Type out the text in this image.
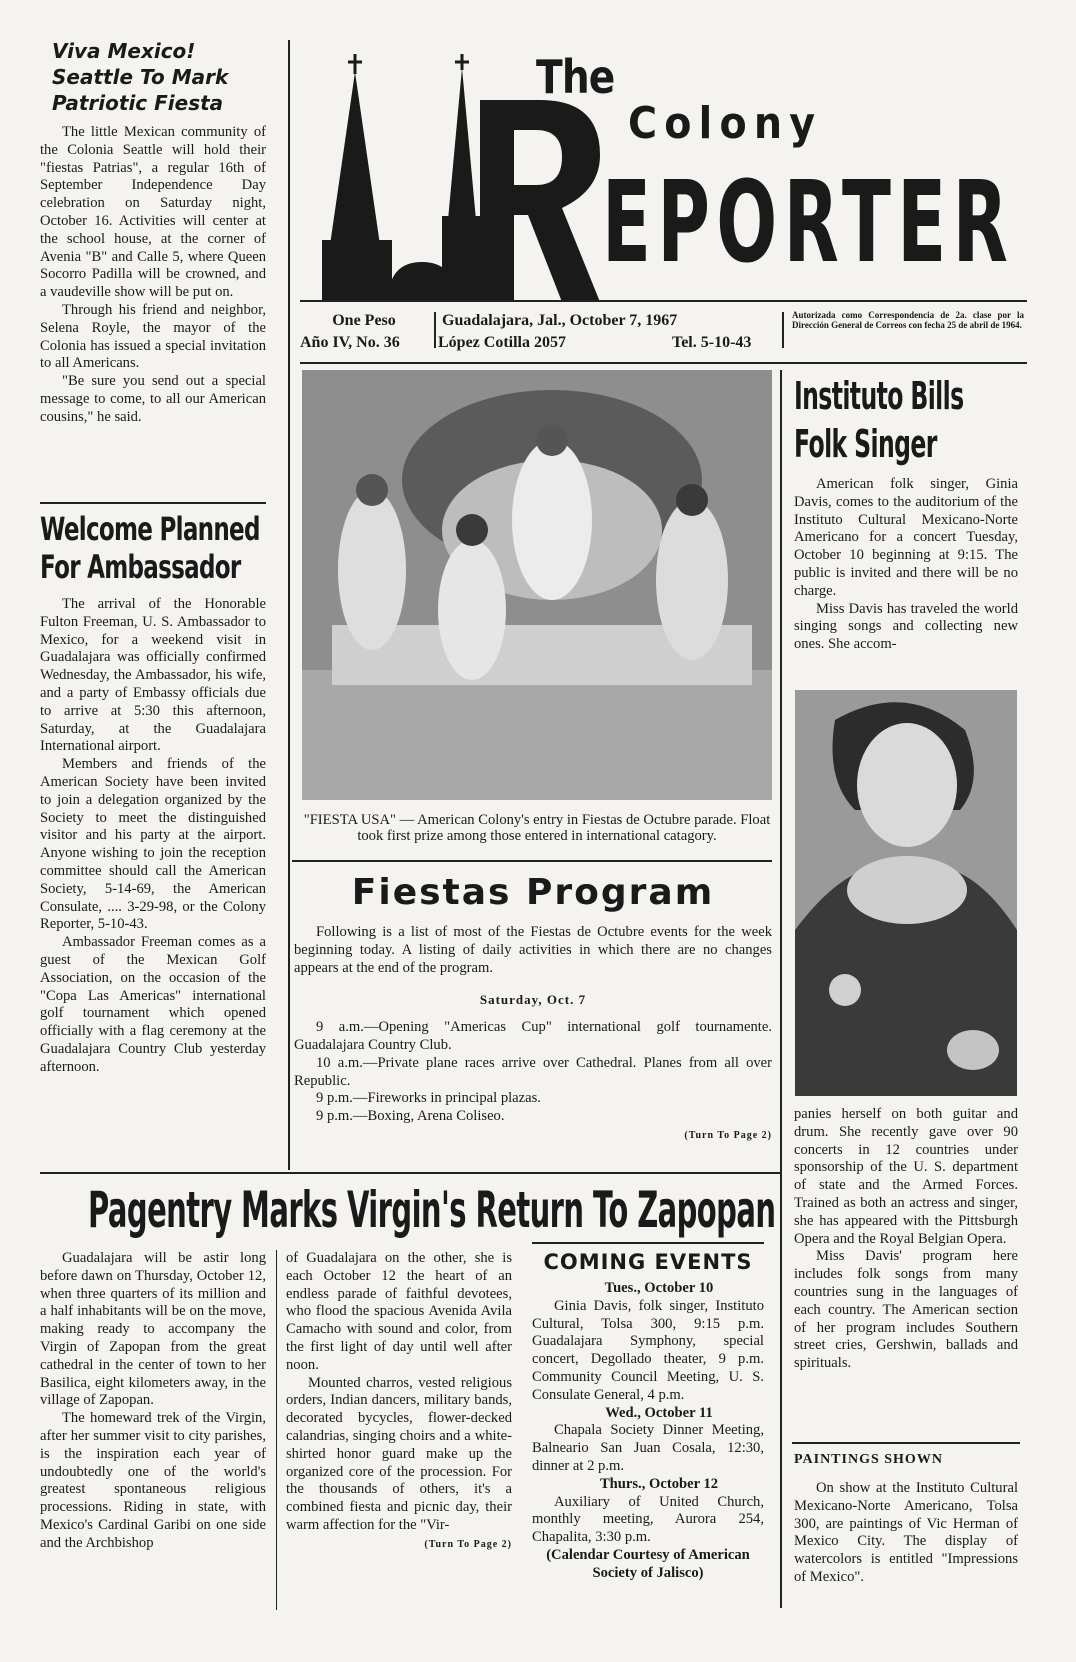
Viva Mexico! Seattle To Mark Patriotic Fiesta

The little Mexican community of the Colonia Seattle will hold their "fiestas Patrias", a regular 16th of September Independence Day celebration on Saturday night, October 16. Activities will center at the school house, at the corner of Avenia "B" and Calle 5, where Queen Socorro Padilla will be crowned, and a vaudeville show will be put on.

Through his friend and neighbor, Selena Royle, the mayor of the Colonia has issued a special invitation to all Americans.

"Be sure you send out a special message to come, to all our American cousins," he said.

Welcome Planned
For Ambassador

The arrival of the Honorable Fulton Freeman, U. S. Ambassador to Mexico, for a weekend visit in Guadalajara was officially confirmed Wednesday, the Ambassador, his wife, and a party of Embassy officials due to arrive at 5:30 this afternoon, Saturday, at the Guadalajara International airport.

Members and friends of the American Society have been invited to join a delegation organized by the Society to meet the distinguished visitor and his party at the airport. Anyone wishing to join the reception committee should call the American Society, 5-14-69, the American Consulate, .... 3-29-98, or the Colony Reporter, 5-10-43.

Ambassador Freeman comes as a guest of the Mexican Golf Association, on the occasion of the "Copa Las Americas" international golf tournament which opened officially with a flag ceremony at the Guadalajara Country Club yesterday afternoon.

The
Colony
EPORTER
One Peso
Año IV, No. 36
Guadalajara, Jal., October 7, 1967
López Cotilla 2057	Tel. 5-10-43
Autorizada como Correspondencia de 2a. clase por la Dirección General de Correos con fecha 25 de abril de 1964.

"FIESTA USA" — American Colony's entry in Fiestas de Octubre parade. Float took first prize among those entered in international catagory.

Fiestas Program

Following is a list of most of the Fiestas de Octubre events for the week beginning today. A listing of daily activities in which there are no changes appears at the end of the program.

Saturday, Oct. 7

9 a.m.—Opening "Americas Cup" international golf tournamente. Guadalajara Country Club.

10 a.m.—Private plane races arrive over Cathedral. Planes from all over Republic.

9 p.m.—Fireworks in principal plazas.

9 p.m.—Boxing, Arena Coliseo.

(Turn To Page 2)
Instituto Bills
Folk Singer

American folk singer, Ginia Davis, comes to the auditorium of the Instituto Cultural Mexicano-Norte Americano for a concert Tuesday, October 10 beginning at 9:15. The public is invited and there will be no charge.

Miss Davis has traveled the world singing songs and collecting new ones. She accom-

panies herself on both guitar and drum. She recently gave over 90 concerts in 12 countries under sponsorship of the U. S. department of state and the Armed Forces. Trained as both an actress and singer, she has appeared with the Pittsburgh Opera and the Royal Belgian Opera.

Miss Davis' program here includes folk songs from many countries sung in the languages of each country. The American section of her program includes Southern street cries, Gershwin, ballads and spirituals.

PAINTINGS SHOWN

On show at the Instituto Cultural Mexicano-Norte Americano, Tolsa 300, are paintings of Vic Herman of Mexico City. The display of watercolors is entitled "Impressions of Mexico".

Pagentry Marks Virgin's Return To Zapopan

Guadalajara will be astir long before dawn on Thursday, October 12, when three quarters of its million and a half inhabitants will be on the move, making ready to accompany the Virgin of Zapopan from the great cathedral in the center of town to her Basilica, eight kilometers away, in the village of Zapopan.

The homeward trek of the Virgin, after her summer visit to city parishes, is the inspiration each year of undoubtedly one of the world's greatest spontaneous religious processions. Riding in state, with Mexico's Cardinal Garibi on one side and the Archbishop

of Guadalajara on the other, she is each October 12 the heart of an endless parade of faithful devotees, who flood the spacious Avenida Avila Camacho with sound and color, from the first light of day until well after noon.

Mounted charros, vested religious orders, Indian dancers, military bands, decorated bycycles, flower-decked calandrias, singing choirs and a white-shirted honor guard make up the organized core of the procession. For the thousands of others, it's a combined fiesta and picnic day, their warm affection for the "Vir-

(Turn To Page 2)
COMING EVENTS

Tues., October 10

Ginia Davis, folk singer, Instituto Cultural, Tolsa 300, 9:15 p.m. Guadalajara Symphony, special concert, Degollado theater, 9 p.m. Community Council Meeting, U. S. Consulate General, 4 p.m.

Wed., October 11

Chapala Society Dinner Meeting, Balneario San Juan Cosala, 12:30, dinner at 2 p.m.

Thurs., October 12

Auxiliary of United Church, monthly meeting, Aurora 254, Chapalita, 3:30 p.m.

(Calendar Courtesy of American Society of Jalisco)
